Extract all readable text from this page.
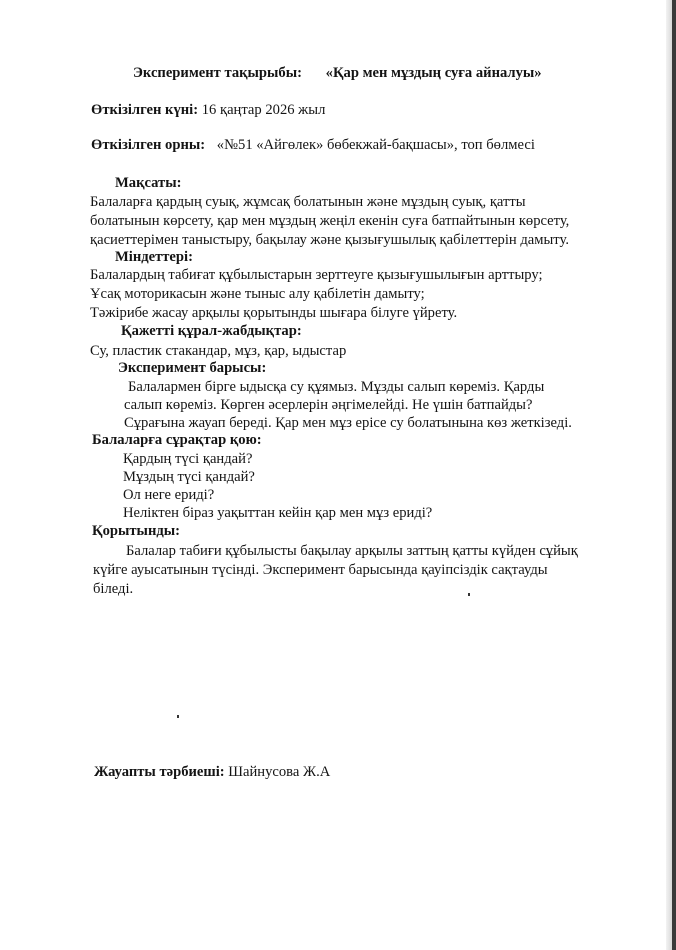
Эксперимент тақырыбы: «Қар мен мұздың суға айналуы»
Өткізілген күні: 16 қаңтар 2026 жыл
Өткізілген орны: «№51 «Айгөлек» бөбекжай-бақшасы», топ бөлмесі
Мақсаты:
Балаларға қардың суық, жұмсақ болатынын және мұздың суық, қатты
болатынын көрсету, қар мен мұздың жеңіл екенін суға батпайтынын көрсету,
қасиеттерімен таныстыру, бақылау және қызығушылық қабілеттерін дамыту.
Міндеттері:
Балалардың табиғат құбылыстарын зерттеуге қызығушылығын арттыру;
Ұсақ моторикасын және тыныс алу қабілетін дамыту;
Тәжірибе жасау арқылы қорытынды шығара білуге үйрету.
Қажетті құрал-жабдықтар:
Су, пластик стакандар, мұз, қар, ыдыстар
Эксперимент барысы:
Балалармен бірге ыдысқа су құямыз. Мұзды салып көреміз. Қарды
салып көреміз. Көрген әсерлерін әңгімелейді. Не үшін батпайды?
Сұрағына жауап береді. Қар мен мұз ерісе су болатынына көз жеткізеді.
Балаларға сұрақтар қою:
Қардың түсі қандай?
Мұздың түсі қандай?
Ол неге ериді?
Неліктен біраз уақыттан кейін қар мен мұз ериді?
Қорытынды:
Балалар табиғи құбылысты бақылау арқылы заттың қатты күйден сұйық
күйге ауысатынын түсінді. Эксперимент барысында қауіпсіздік сақтауды
біледі.
Жауапты тәрбиеші: Шайнусова Ж.А
